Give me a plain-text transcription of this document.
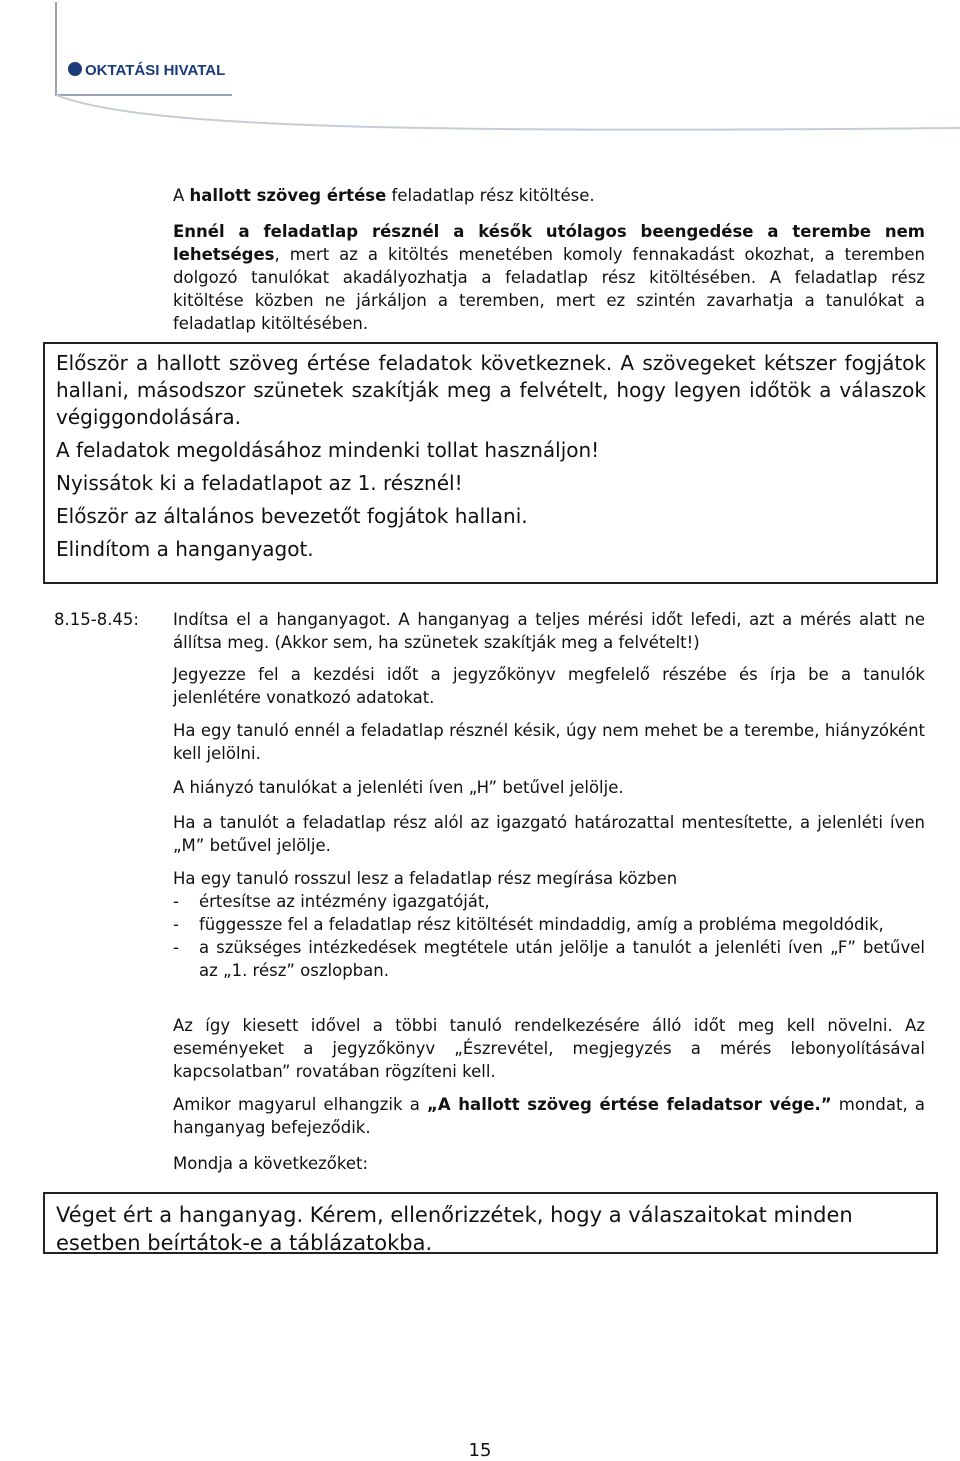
OKTATÁSI HIVATAL
A hallott szöveg értése feladatlap rész kitöltése.
Ennél a feladatlap résznél a késők utólagos beengedése a terembe nem lehetséges, mert az a kitöltés menetében komoly fennakadást okozhat, a teremben dolgozó tanulókat akadályozhatja a feladatlap rész kitöltésében. A feladatlap rész kitöltése közben ne járkáljon a teremben, mert ez szintén zavarhatja a tanulókat a feladatlap kitöltésében.
Először a hallott szöveg értése feladatok következnek. A szövegeket kétszer fogjátok hallani, másodszor szünetek szakítják meg a felvételt, hogy legyen időtök a válaszok végiggondolására.
A feladatok megoldásához mindenki tollat használjon!
Nyissátok ki a feladatlapot az 1. résznél!
Először az általános bevezetőt fogjátok hallani.
Elindítom a hanganyagot.
8.15-8.45: Indítsa el a hanganyagot. A hanganyag a teljes mérési időt lefedi, azt a mérés alatt ne állítsa meg. (Akkor sem, ha szünetek szakítják meg a felvételt!)
Jegyezze fel a kezdési időt a jegyzőkönyv megfelelő részébe és írja be a tanulók jelenlétére vonatkozó adatokat.
Ha egy tanuló ennél a feladatlap résznél késik, úgy nem mehet be a terembe, hiányzóként kell jelölni.
A hiányzó tanulókat a jelenléti íven „H” betűvel jelölje.
Ha a tanulót a feladatlap rész alól az igazgató határozattal mentesítette, a jelenléti íven „M” betűvel jelölje.
Ha egy tanuló rosszul lesz a feladatlap rész megírása közben
-	értesítse az intézmény igazgatóját,
-	függessze fel a feladatlap rész kitöltését mindaddig, amíg a probléma megoldódik,
-	a szükséges intézkedések megtétele után jelölje a tanulót a jelenléti íven „F” betűvel az „1. rész” oszlopban.
Az így kiesett idővel a többi tanuló rendelkezésére álló időt meg kell növelni. Az eseményeket a jegyzőkönyv „Észrevétel, megjegyzés a mérés lebonyolításával kapcsolatban” rovatában rögzíteni kell.
Amikor magyarul elhangzik a „A hallott szöveg értése feladatsor vége.” mondat, a hanganyag befejeződik.
Mondja a következőket:
Véget ért a hanganyag. Kérem, ellenőrizzétek, hogy a válaszaitokat minden esetben beírtátok-e a táblázatokba.
15
